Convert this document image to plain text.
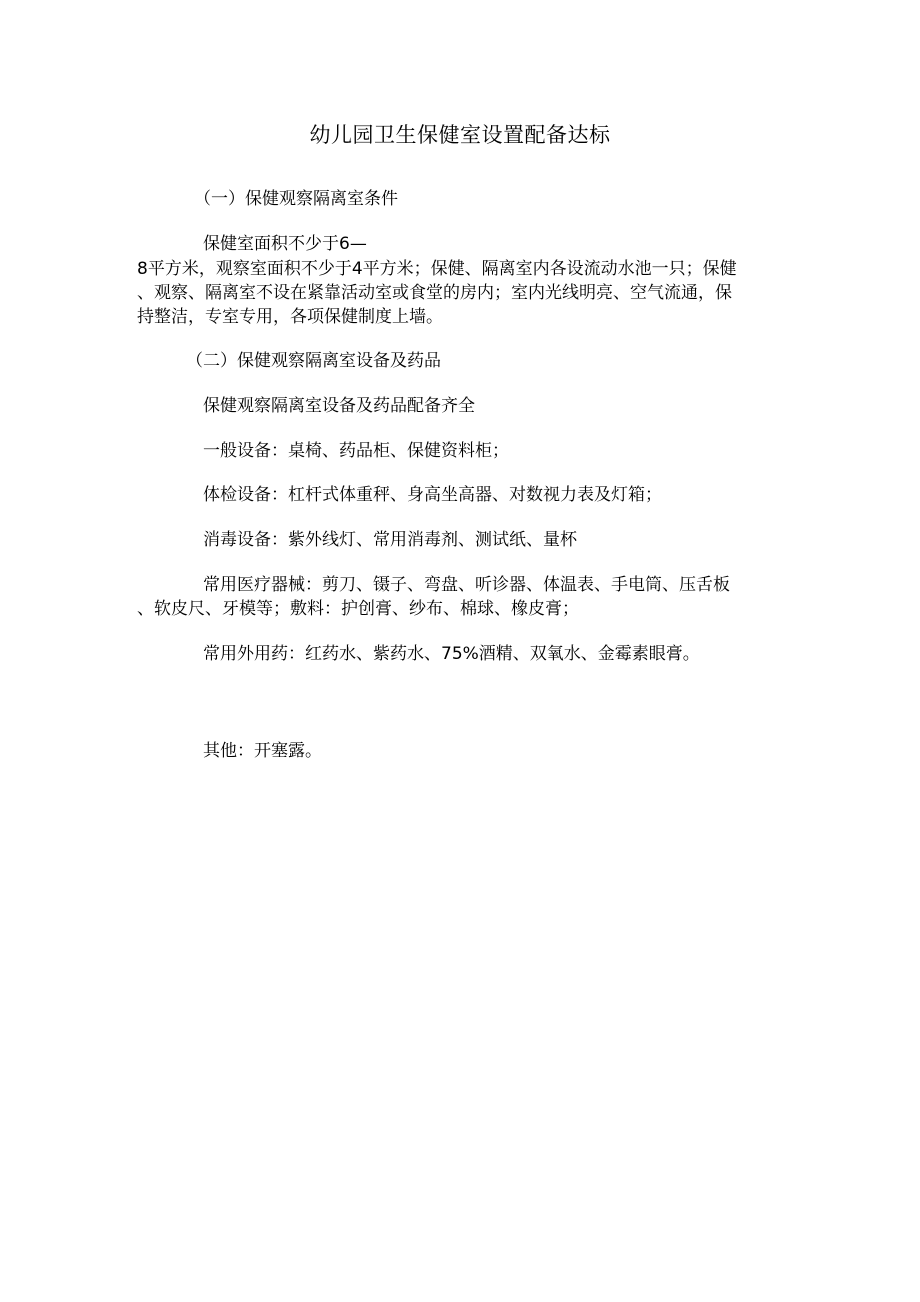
幼儿园卫生保健室设置配备达标

（一）保健观察隔离室条件

保健室面积不少于6—

8平方米，观察室面积不少于4平方米；保健、隔离室内各设流动水池一只；保健

、观察、隔离室不设在紧靠活动室或食堂的房内；室内光线明亮、空气流通，保

持整洁，专室专用，各项保健制度上墙。

（二）保健观察隔离室设备及药品

保健观察隔离室设备及药品配备齐全

一般设备：桌椅、药品柜、保健资料柜；

体检设备：杠杆式体重秤、身高坐高器、对数视力表及灯箱；

消毒设备：紫外线灯、常用消毒剂、测试纸、量杯

常用医疗器械：剪刀、镊子、弯盘、听诊器、体温表、手电筒、压舌板

、软皮尺、牙模等；敷料：护创膏、纱布、棉球、橡皮膏；

常用外用药：红药水、紫药水、75%酒精、双氧水、金霉素眼膏。

其他：开塞露。
